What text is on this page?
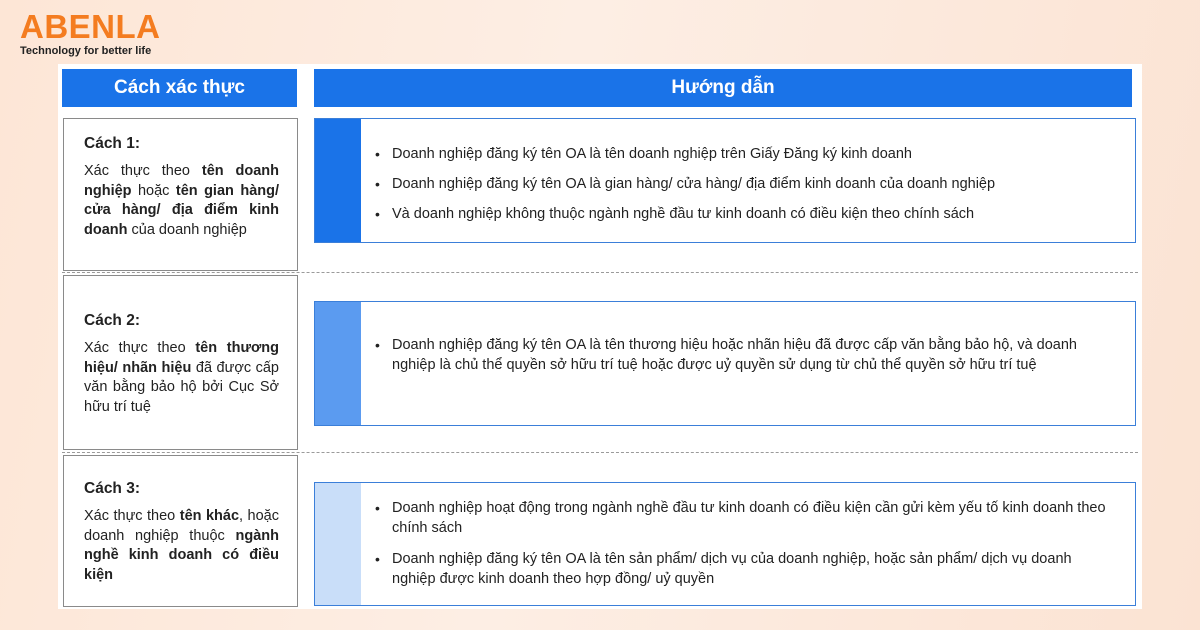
ABENLA
Technology for better life
Cách xác thực	Hướng dẫn
Cách 1:
Xác thực theo tên doanh nghiệp hoặc tên gian hàng/ cửa hàng/ địa điểm kinh doanh của doanh nghiệp
• Doanh nghiệp đăng ký tên OA là tên doanh nghiệp trên Giấy Đăng ký kinh doanh
• Doanh nghiệp đăng ký tên OA là gian hàng/ cửa hàng/ địa điểm kinh doanh của doanh nghiệp
• Và doanh nghiệp không thuộc ngành nghề đầu tư kinh doanh có điều kiện theo chính sách
Cách 2:
Xác thực theo tên thương hiệu/ nhãn hiệu đã được cấp văn bằng bảo hộ bởi Cục Sở hữu trí tuệ
• Doanh nghiệp đăng ký tên OA là tên thương hiệu hoặc nhãn hiệu đã được cấp văn bằng bảo hộ, và doanh nghiệp là chủ thể quyền sở hữu trí tuệ hoặc được uỷ quyền sử dụng từ chủ thể quyền sở hữu trí tuệ
Cách 3:
Xác thực theo tên khác, hoặc doanh nghiệp thuộc ngành nghề kinh doanh có điều kiện
• Doanh nghiệp hoạt động trong ngành nghề đầu tư kinh doanh có điều kiện cần gửi kèm yếu tố kinh doanh theo chính sách
• Doanh nghiệp đăng ký tên OA là tên sản phẩm/ dịch vụ của doanh nghiệp, hoặc sản phẩm/ dịch vụ doanh nghiệp được kinh doanh theo hợp đồng/ uỷ quyền
